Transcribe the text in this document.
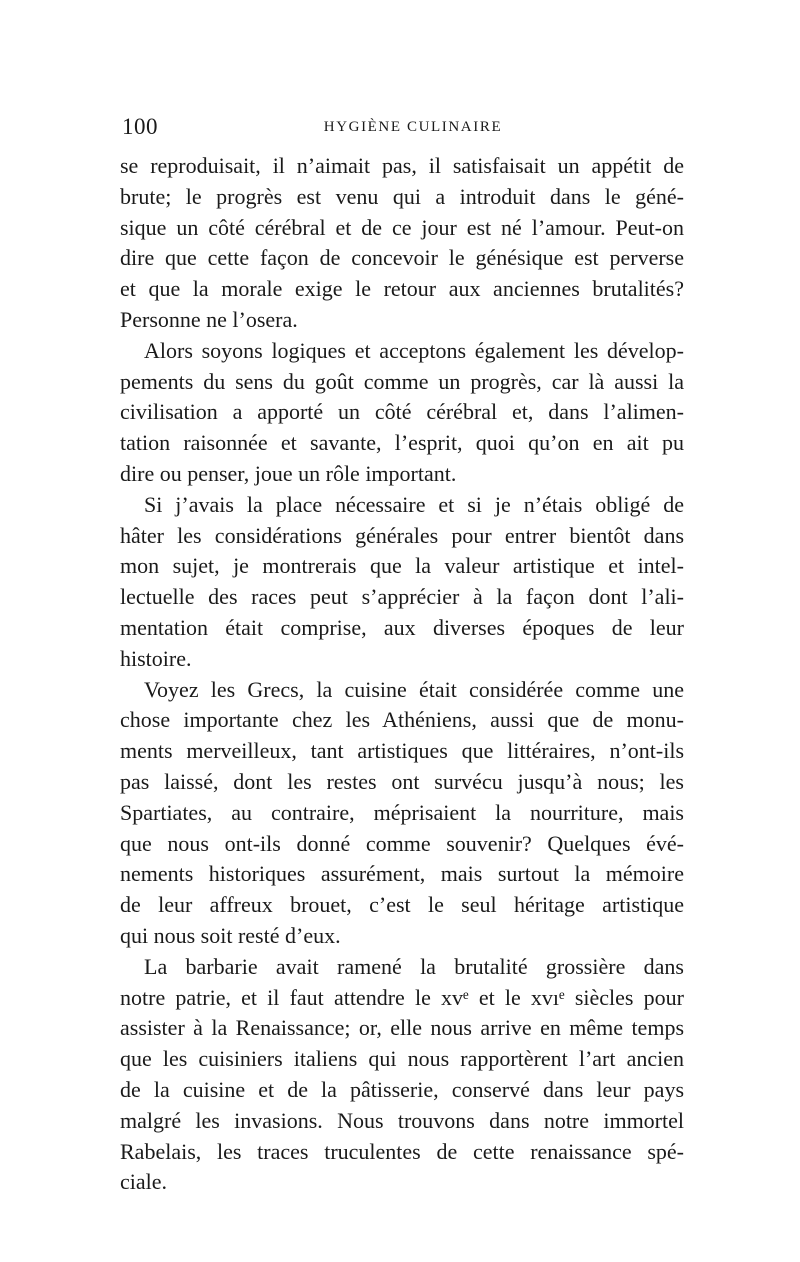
100	HYGIÈNE CULINAIRE
se reproduisait, il n’aimait pas, il satisfaisait un appétit de
brute; le progrès est venu qui a introduit dans le géné-
sique un côté cérébral et de ce jour est né l’amour. Peut-on
dire que cette façon de concevoir le génésique est perverse
et que la morale exige le retour aux anciennes brutalités?
Personne ne l’osera.
Alors soyons logiques et acceptons également les dévelop-
pements du sens du goût comme un progrès, car là aussi la
civilisation a apporté un côté cérébral et, dans l’alimen-
tation raisonnée et savante, l’esprit, quoi qu’on en ait pu
dire ou penser, joue un rôle important.
Si j’avais la place nécessaire et si je n’étais obligé de
hâter les considérations générales pour entrer bientôt dans
mon sujet, je montrerais que la valeur artistique et intel-
lectuelle des races peut s’apprécier à la façon dont l’ali-
mentation était comprise, aux diverses époques de leur
histoire.
Voyez les Grecs, la cuisine était considérée comme une
chose importante chez les Athéniens, aussi que de monu-
ments merveilleux, tant artistiques que littéraires, n’ont-ils
pas laissé, dont les restes ont survécu jusqu’à nous; les
Spartiates, au contraire, méprisaient la nourriture, mais
que nous ont-ils donné comme souvenir? Quelques évé-
nements historiques assurément, mais surtout la mémoire
de leur affreux brouet, c’est le seul héritage artistique
qui nous soit resté d’eux.
La barbarie avait ramené la brutalité grossière dans
notre patrie, et il faut attendre le xvᵉ et le xvıᵉ siècles pour
assister à la Renaissance; or, elle nous arrive en même temps
que les cuisiniers italiens qui nous rapportèrent l’art ancien
de la cuisine et de la pâtisserie, conservé dans leur pays
malgré les invasions. Nous trouvons dans notre immortel
Rabelais, les traces truculentes de cette renaissance spé-
ciale.
